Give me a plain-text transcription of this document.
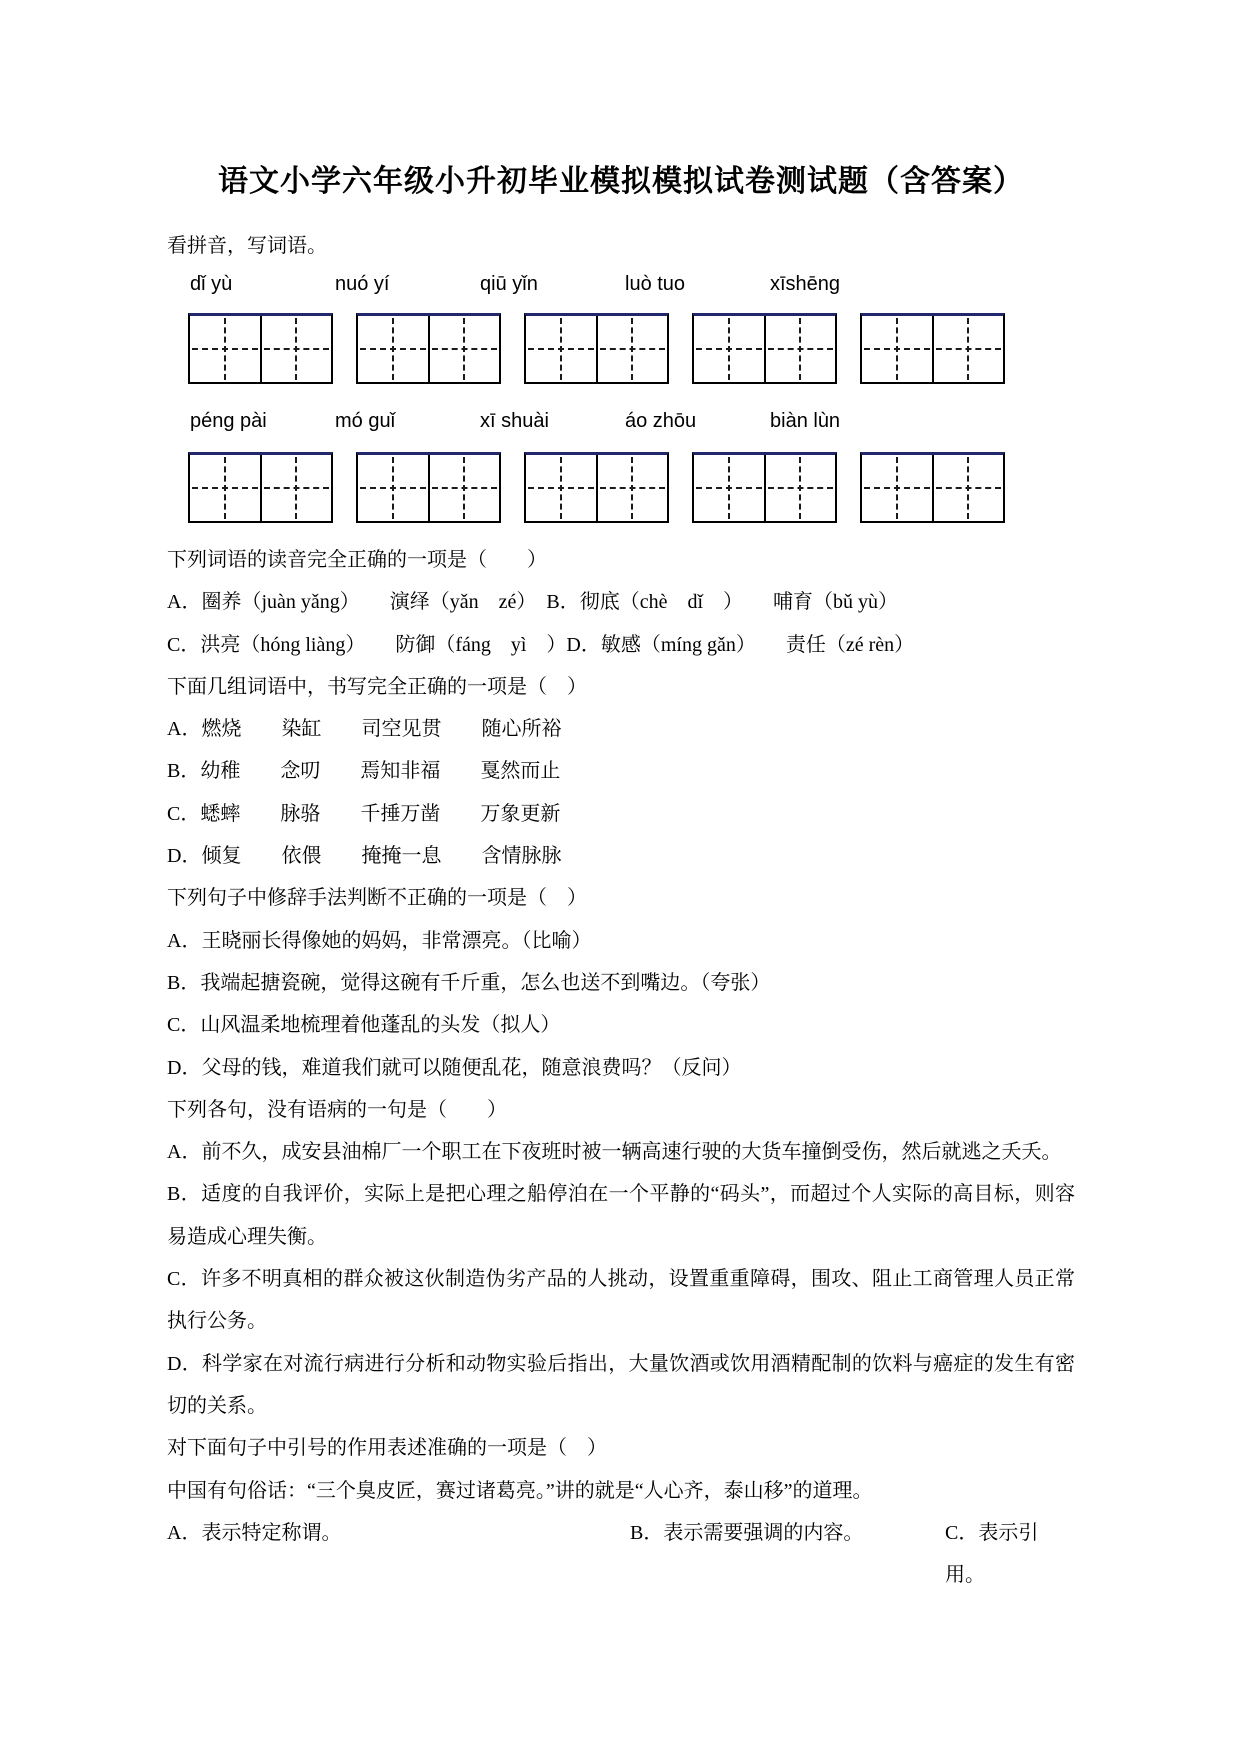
语文小学六年级小升初毕业模拟模拟试卷测试题（含答案）

看拼音，写词语。

dǐ yù	nuó yí	qiū yǐn	luò tuo	xīshēng
péng pài	mó guǐ	xī shuài	áo zhōu	biàn lùn

下列词语的读音完全正确的一项是（　　）

A．圈养（juàn yǎng）　　演绎（yǎn　zé）　B．彻底（chè　dǐ　）　　哺育（bǔ yù）

C．洪亮（hóng liàng）　　防御（fáng　yì　）D．敏感（míng gǎn）　　责任（zé rèn）

下面几组词语中，书写完全正确的一项是（　）

A．燃烧　　染缸　　司空见贯　　随心所裕

B．幼稚　　念叨　　焉知非福　　戛然而止

C．蟋蟀　　脉骆　　千捶万凿　　万象更新

D．倾复　　依偎　　掩掩一息　　含情脉脉

下列句子中修辞手法判断不正确的一项是（　）

A．王晓丽长得像她的妈妈，非常漂亮。（比喻）

B．我端起搪瓷碗，觉得这碗有千斤重，怎么也送不到嘴边。（夸张）

C．山风温柔地梳理着他蓬乱的头发（拟人）

D．父母的钱，难道我们就可以随便乱花，随意浪费吗？（反问）

下列各句，没有语病的一句是（　　）

A．前不久，成安县油棉厂一个职工在下夜班时被一辆高速行驶的大货车撞倒受伤，然后就逃之夭夭。

B．适度的自我评价，实际上是把心理之船停泊在一个平静的“码头”，而超过个人实际的高目标，则容易造成心理失衡。

C．许多不明真相的群众被这伙制造伪劣产品的人挑动，设置重重障碍，围攻、阻止工商管理人员正常执行公务。

D．科学家在对流行病进行分析和动物实验后指出，大量饮酒或饮用酒精配制的饮料与癌症的发生有密切的关系。

对下面句子中引号的作用表述准确的一项是（　）

中国有句俗话：“三个臭皮匠，赛过诸葛亮。”讲的就是“人心齐，泰山移”的道理。

A．表示特定称谓。	B．表示需要强调的内容。	C．表示引用。
